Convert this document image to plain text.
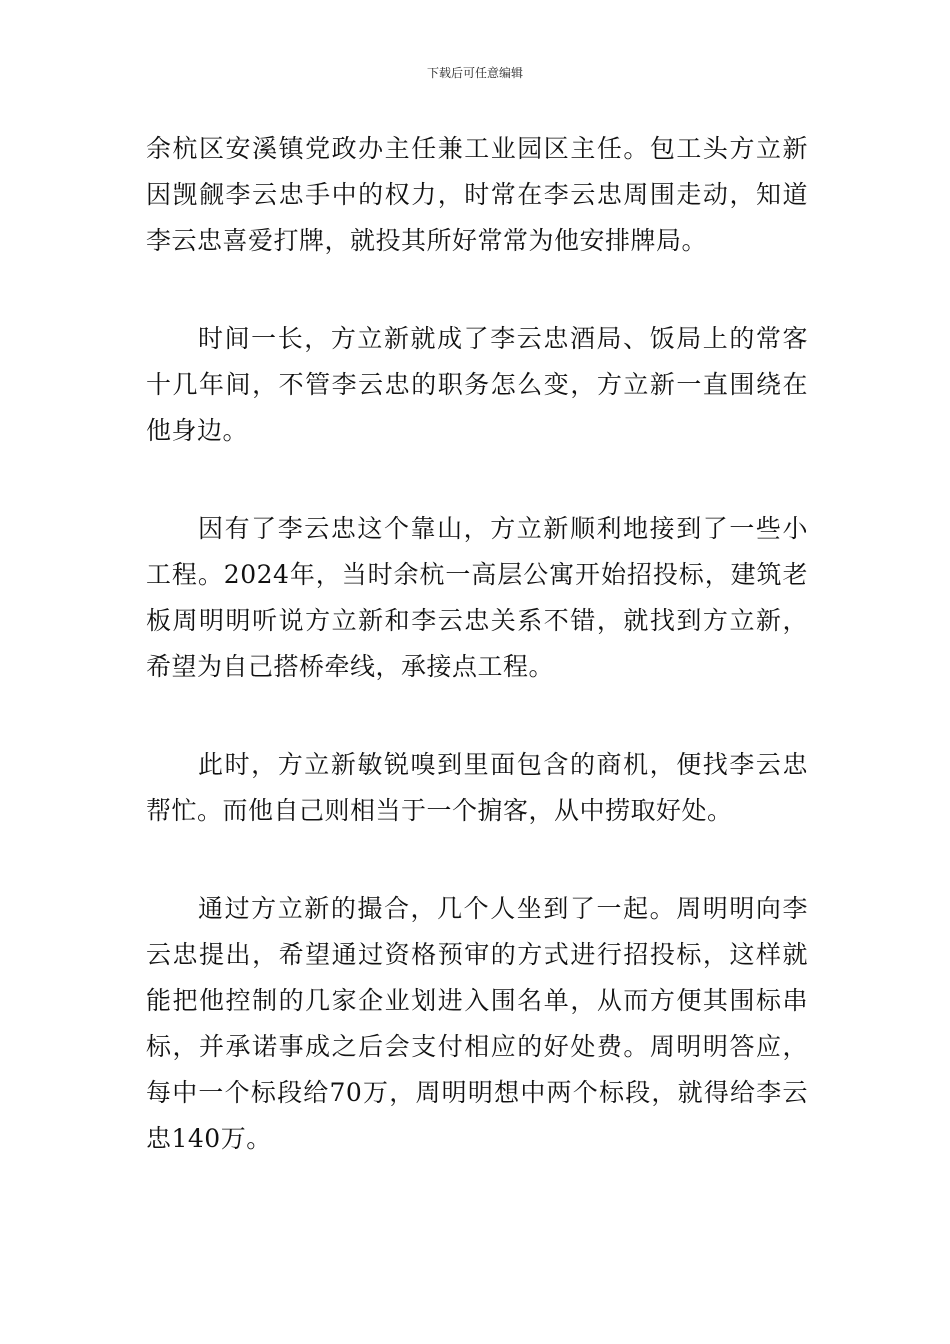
下载后可任意编辑

余杭区安溪镇党政办主任兼工业园区主任。包工头方立新因觊觎李云忠手中的权力，时常在李云忠周围走动，知道李云忠喜爱打牌，就投其所好常常为他安排牌局。

时间一长，方立新就成了李云忠酒局、饭局上的常客十几年间，不管李云忠的职务怎么变，方立新一直围绕在他身边。

因有了李云忠这个靠山，方立新顺利地接到了一些小工程。2024年，当时余杭一高层公寓开始招投标，建筑老板周明明听说方立新和李云忠关系不错，就找到方立新，希望为自己搭桥牵线，承接点工程。

此时，方立新敏锐嗅到里面包含的商机，便找李云忠帮忙。而他自己则相当于一个掮客，从中捞取好处。

通过方立新的撮合，几个人坐到了一起。周明明向李云忠提出，希望通过资格预审的方式进行招投标，这样就能把他控制的几家企业划进入围名单，从而方便其围标串标，并承诺事成之后会支付相应的好处费。周明明答应，每中一个标段给70万，周明明想中两个标段，就得给李云忠140万。
